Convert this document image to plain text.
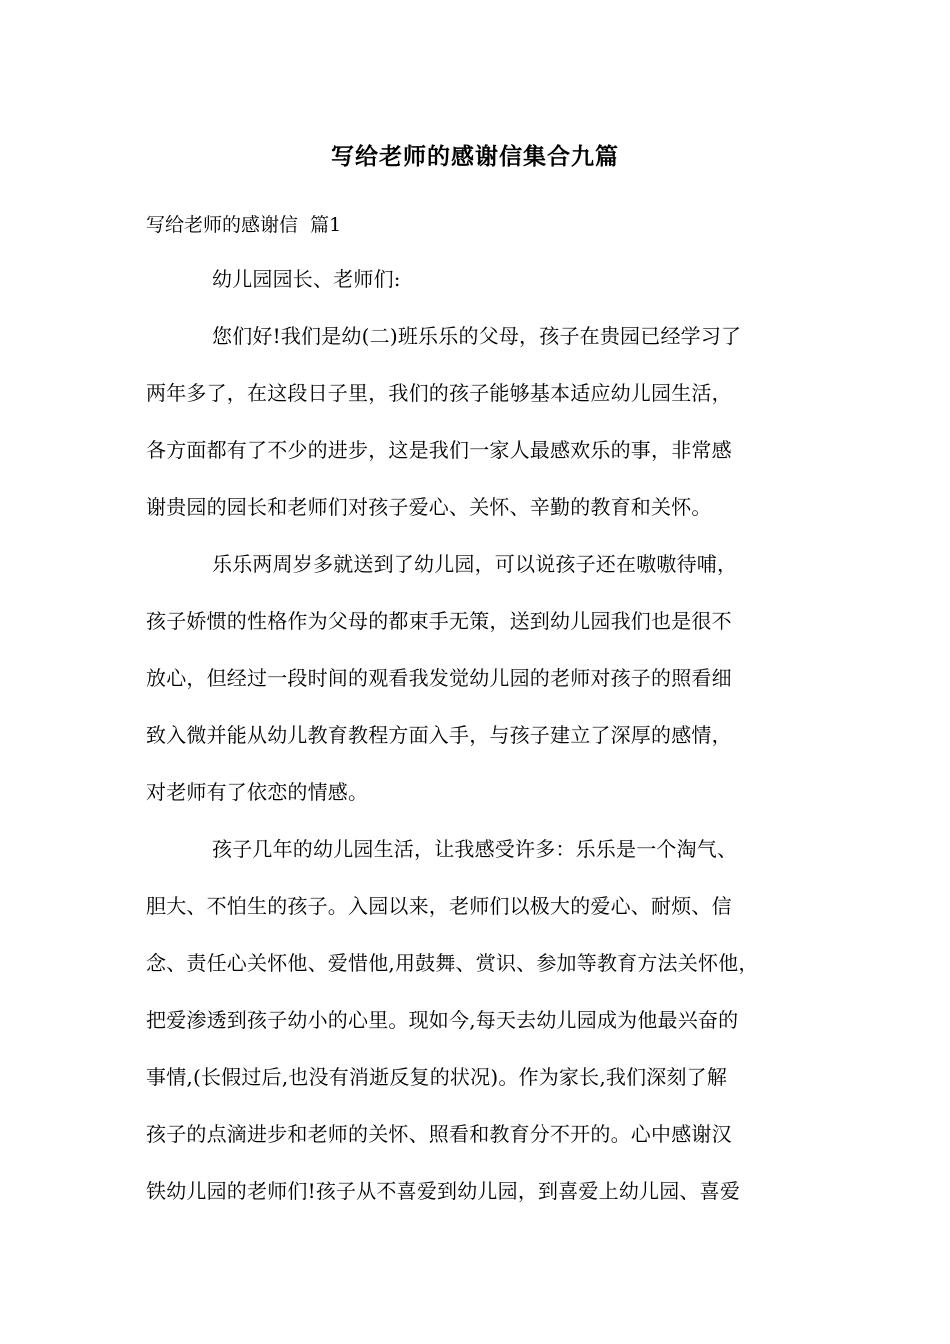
写给老师的感谢信集合九篇

写给老师的感谢信  篇1

幼儿园园长、老师们:

您们好!我们是幼(二)班乐乐的父母，孩子在贵园已经学习了

两年多了，在这段日子里，我们的孩子能够基本适应幼儿园生活，

各方面都有了不少的进步，这是我们一家人最感欢乐的事，非常感

谢贵园的园长和老师们对孩子爱心、关怀、辛勤的教育和关怀。

乐乐两周岁多就送到了幼儿园，可以说孩子还在嗷嗷待哺，

孩子娇惯的性格作为父母的都束手无策，送到幼儿园我们也是很不

放心，但经过一段时间的观看我发觉幼儿园的老师对孩子的照看细

致入微并能从幼儿教育教程方面入手，与孩子建立了深厚的感情，

对老师有了依恋的情感。

孩子几年的幼儿园生活，让我感受许多：乐乐是一个淘气、

胆大、不怕生的孩子。入园以来，老师们以极大的爱心、耐烦、信

念、责任心关怀他、爱惜他,用鼓舞、赏识、参加等教育方法关怀他，

把爱渗透到孩子幼小的心里。现如今,每天去幼儿园成为他最兴奋的

事情,(长假过后,也没有消逝反复的状况)。作为家长,我们深刻了解

孩子的点滴进步和老师的关怀、照看和教育分不开的。心中感谢汉

铁幼儿园的老师们!孩子从不喜爱到幼儿园，到喜爱上幼儿园、喜爱
